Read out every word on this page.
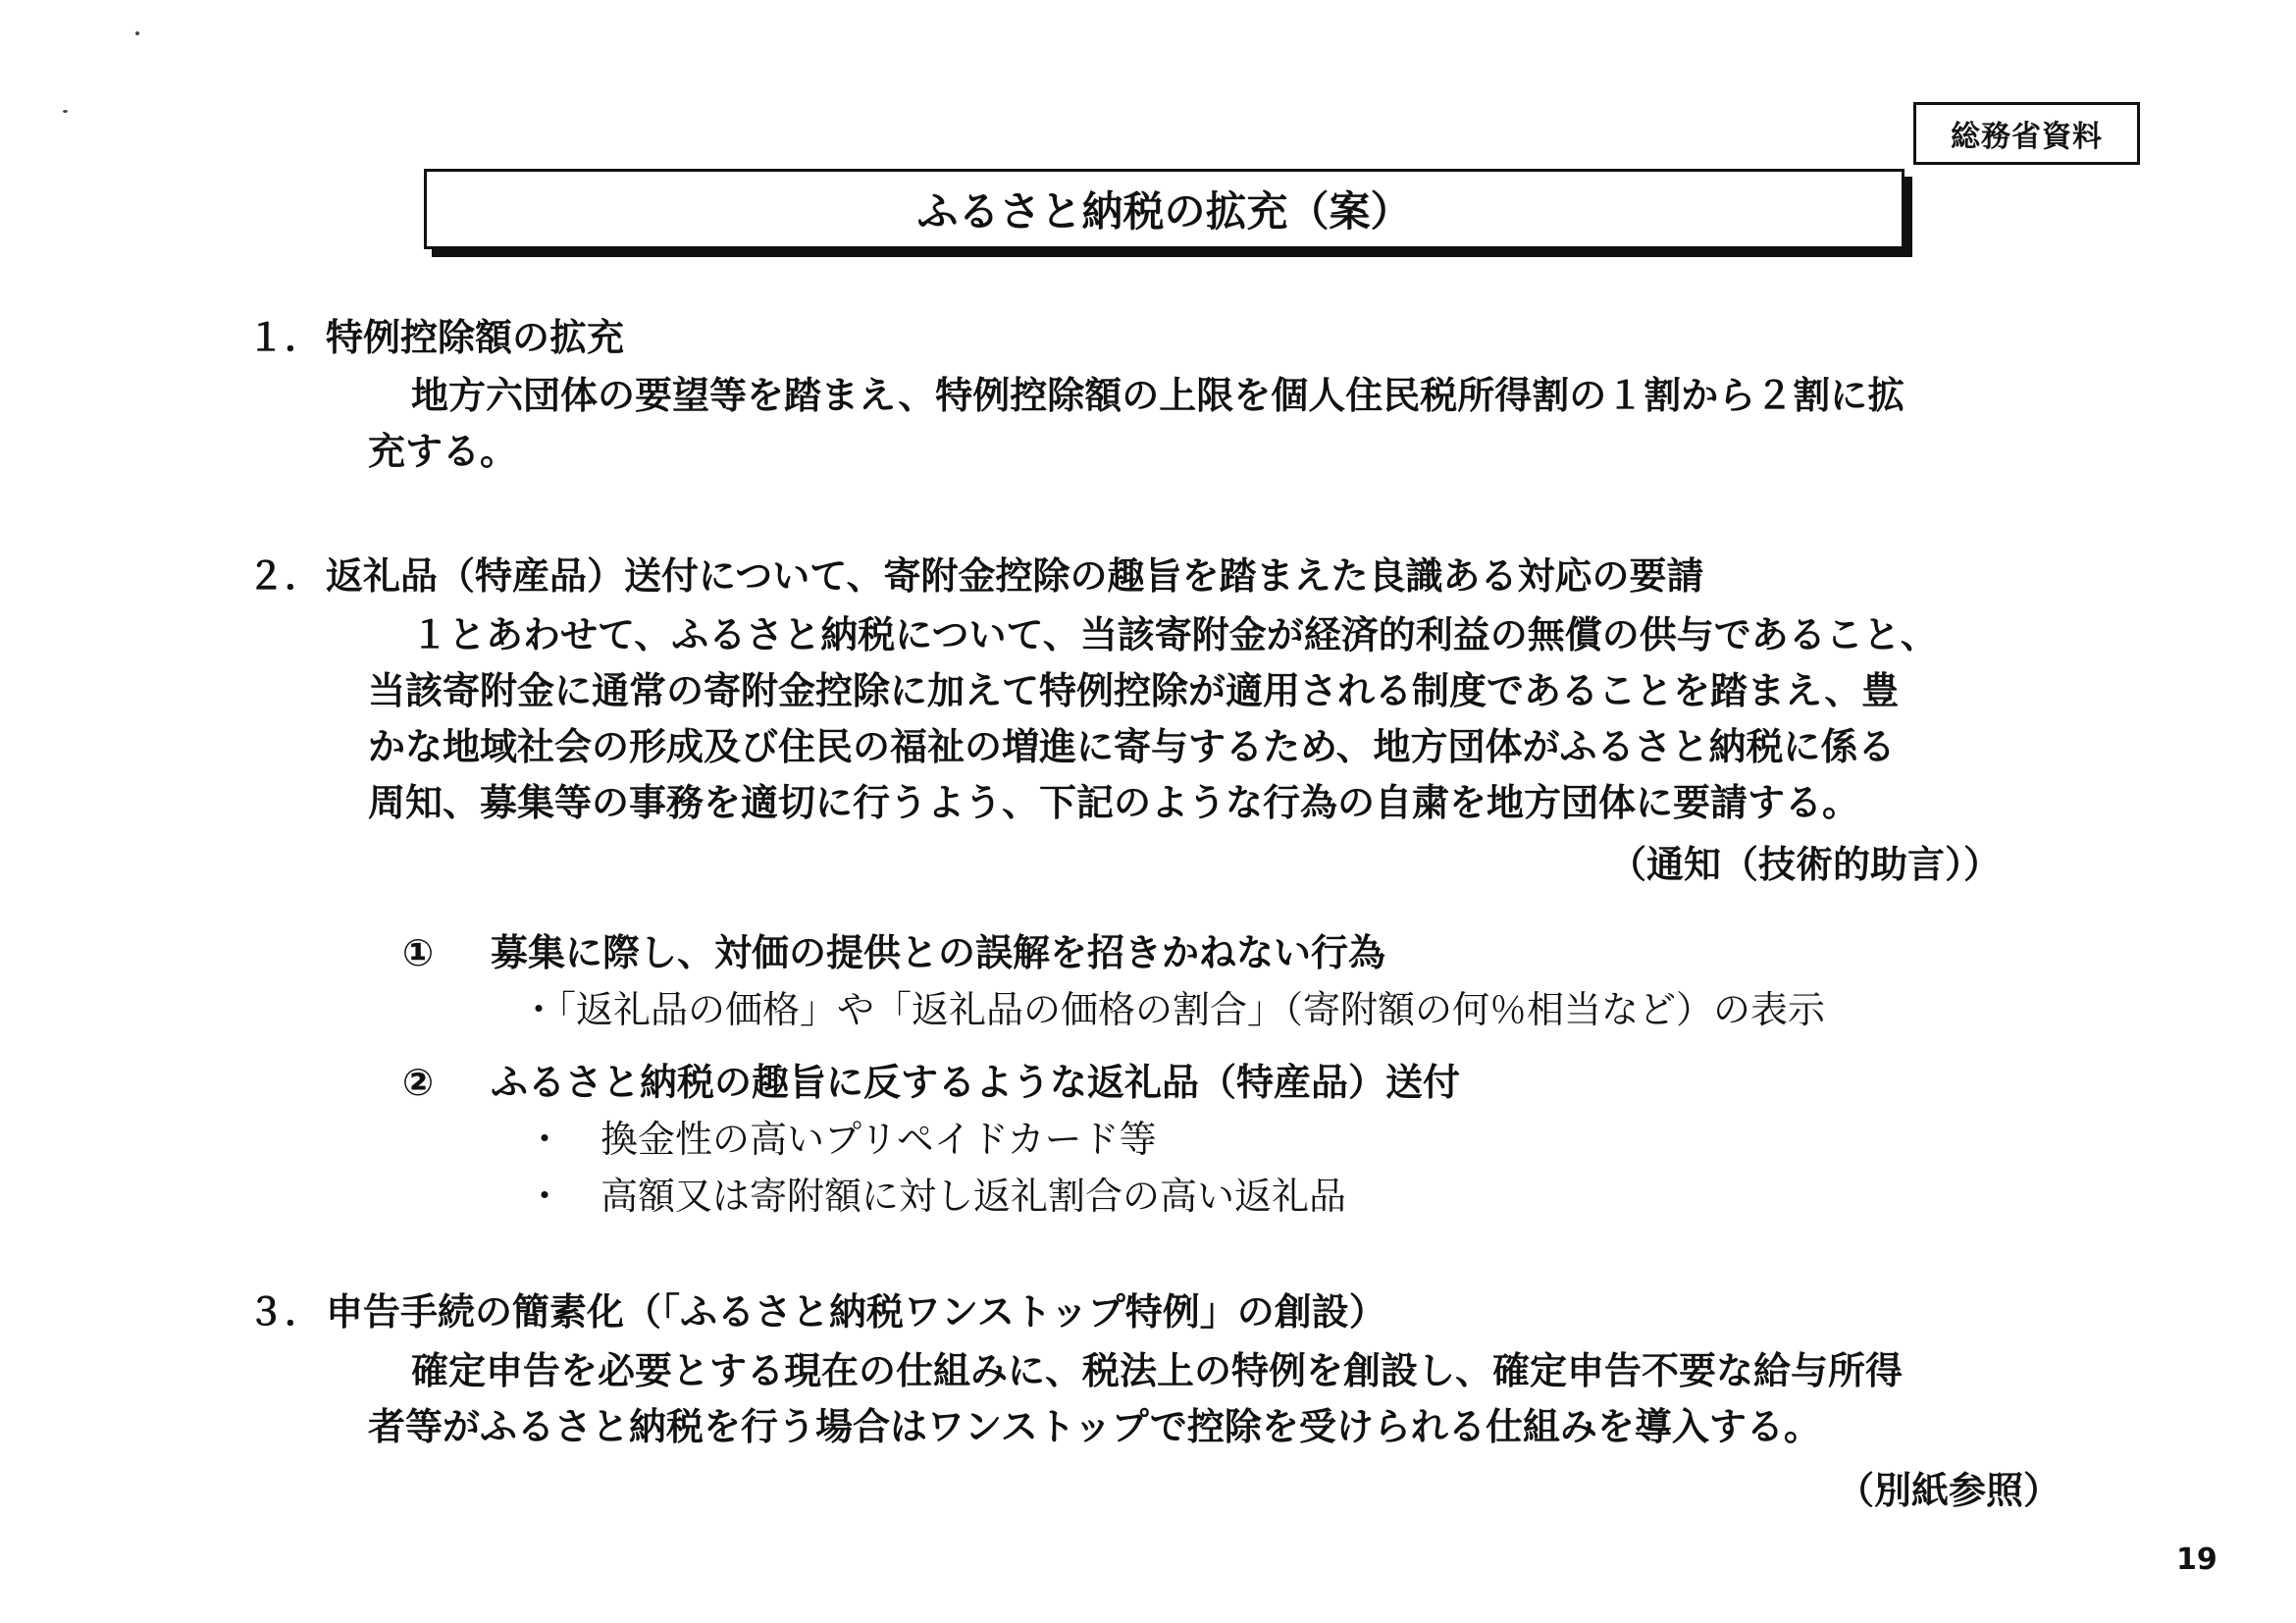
総務省資料
ふるさと納税の拡充（案）
１． 特例控除額の拡充
地方六団体の要望等を踏まえ、特例控除額の上限を個人住民税所得割の１割から２割に拡
充する。
２． 返礼品（特産品）送付について、寄附金控除の趣旨を踏まえた良識ある対応の要請
１とあわせて、ふるさと納税について、当該寄附金が経済的利益の無償の供与であること、
当該寄附金に通常の寄附金控除に加えて特例控除が適用される制度であることを踏まえ、豊
かな地域社会の形成及び住民の福祉の増進に寄与するため、地方団体がふるさと納税に係る
周知、募集等の事務を適切に行うよう、下記のような行為の自粛を地方団体に要請する。
（通知（技術的助言））
① 募集に際し、対価の提供との誤解を招きかねない行為
・「返礼品の価格」や「返礼品の価格の割合」（寄附額の何％相当など）の表示
② ふるさと納税の趣旨に反するような返礼品（特産品）送付
・　換金性の高いプリペイドカード等
・　高額又は寄附額に対し返礼割合の高い返礼品
３． 申告手続の簡素化（「ふるさと納税ワンストップ特例」の創設）
確定申告を必要とする現在の仕組みに、税法上の特例を創設し、確定申告不要な給与所得
者等がふるさと納税を行う場合はワンストップで控除を受けられる仕組みを導入する。
（別紙参照）
19
